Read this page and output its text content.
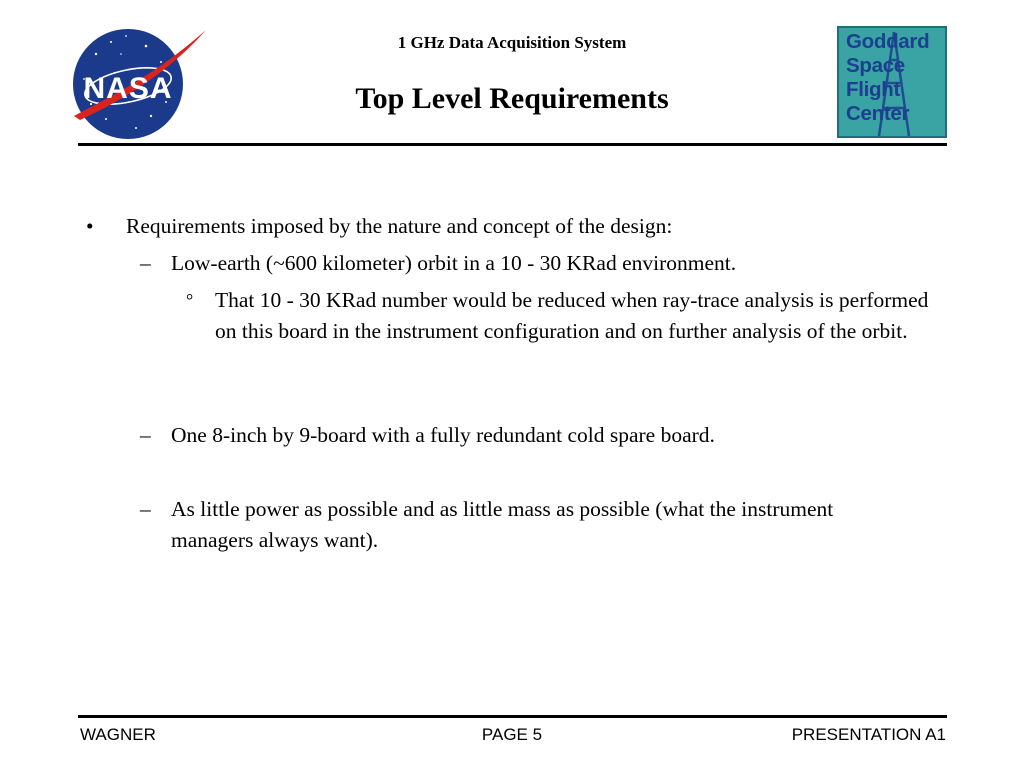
NASA
1 GHz Data Acquisition System
Top Level Requirements
Goddard
Space
Flight
Center
• Requirements imposed by the nature and concept of the design:
– Low-earth (~600 kilometer) orbit in a 10 - 30 KRad environment.
° That 10 - 30 KRad number would be reduced when ray-trace analysis is performed on this board in the instrument configuration and on further analysis of the orbit.
– One 8-inch by 9-board with a fully redundant cold spare board.
– As little power as possible and as little mass as possible (what the instrument managers always want).
WAGNER	PAGE 5	PRESENTATION A1
